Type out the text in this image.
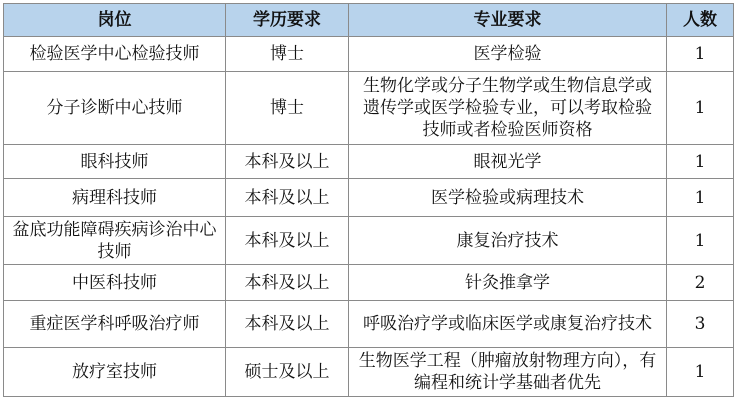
岗位	学历要求	专业要求	人数
检验医学中心检验技师	博士	医学检验	1
分子诊断中心技师	博士	生物化学或分子生物学或生物信息学或遗传学或医学检验专业，可以考取检验技师或者检验医师资格	1
眼科技师	本科及以上	眼视光学	1
病理科技师	本科及以上	医学检验或病理技术	1
盆底功能障碍疾病诊治中心技师	本科及以上	康复治疗技术	1
中医科技师	本科及以上	针灸推拿学	2
重症医学科呼吸治疗师	本科及以上	呼吸治疗学或临床医学或康复治疗技术	3
放疗室技师	硕士及以上	生物医学工程（肿瘤放射物理方向），有编程和统计学基础者优先	1
